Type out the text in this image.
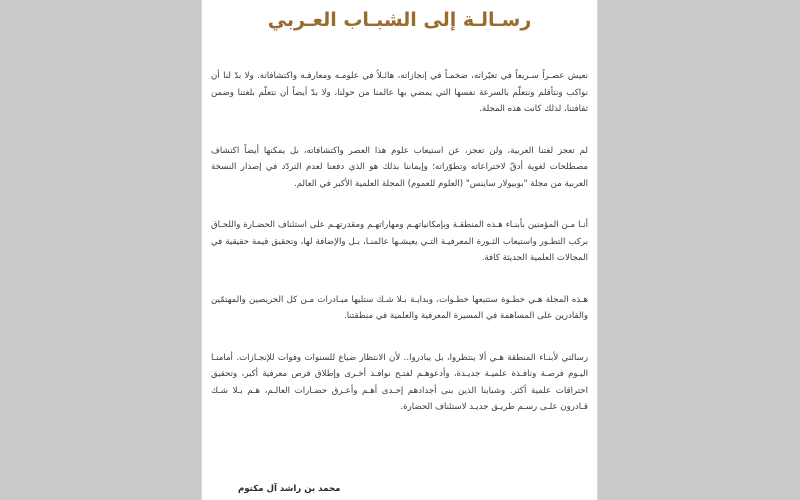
رسـالـة إلى الشبـاب العـربي

نعيش عصـراً سـريعاً في تغيّراته، ضخمـاً في إنجازاته، هائـلاً في علومـه ومعارفـه واكتشافاته. ولا بدّ لنا أن نواكب ونتأقلم ونتعلّم بالسرعة نفسها التي يمضي بها عالمنا من حولنا، ولا بدّ أيضاً أن نتعلّم بلغتنا وضمن ثقافتنا، لذلك كانت هذه المجلة.

لم تعجز لغتنا العربية، ولن تعجز، عن استيعاب علوم هذا العصر واكتشافاته، بل يمكنها أيضاً اكتشاف مصطلحات لغوية أدقّ لاختراعاته وتطوّراته؛ وإيماننا بذلك هو الذي دفعنا لعدم التردّد في إصدار النسخة العربية من مجلة "بوبيولار ساينس" (العلوم للعموم) المجلة العلمية الأكبر في العالم.

أنـا مـن المؤمنين بأبنـاء هـذه المنطقـة وبإمكانياتهـم ومهاراتهـم ومقدرتهـم على استئناف الحضـارة واللحـاق بركب التطـور واستيعاب الثـورة المعرفيـة التـي يعيشـها عالمنـا، بـل والإضافة لها، وتحقيق قيمة حقيقية في المجالات العلمية الحديثة كافة.

هـذه المجلة هـي خطـوة ستتبعها خطـوات، وبدايـة بـلا شـك ستليها مبـادرات مـن كل الحريصين والمهتمّين والقادرين على المساهمة في المسيرة المعرفية والعلمية في منطقتنا.

رسالتي لأبنـاء المنطقة هـي ألا ينتظروا، بل يبادروا.. لأن الانتظار ضياع للسنوات وفوات للإنجـازات. أمامنـا اليـوم فرصـة ونافـذة علميـة جديـدة، وأدعوهـم لفتـح نوافـذ أخـرى وإطلاق فرص معرفية أكبر، وتحقيق اختراقات علمية أكثر. وشبابنا الذين بنى أجدادهم إحـدى أهـم وأعـرق حضـارات العالـم، هـم بـلا شـك قـادرون علـى رسـم طريـق جديـد لاستئناف الحضارة.

محمد بن راشد آل مكتوم
